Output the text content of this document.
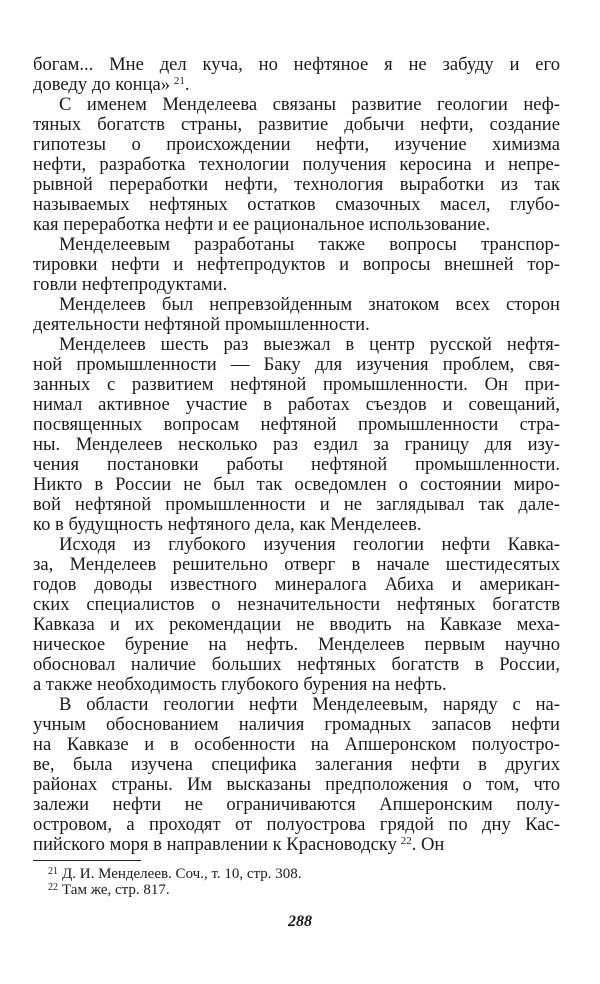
богам... Мне дел куча, но нефтяное я не забуду и его
доведу до конца»  $^{21}$.
С именем Менделеева связаны развитие геологии неф-
тяных богатств страны, развитие добычи нефти, создание
гипотезы о происхождении нефти, изучение химизма
нефти, разработка технологии получения керосина и непре-
рывной переработки нефти, технология выработки из так
называемых нефтяных остатков смазочных масел, глубо-
кая переработка нефти и ее рациональное использование.
Менделеевым разработаны также вопросы транспор-
тировки нефти и нефтепродуктов и вопросы внешней тор-
говли нефтепродуктами.
Менделеев был непревзойденным знатоком всех сторон
деятельности нефтяной промышленности.
Менделеев шесть раз выезжал в центр русской нефтя-
ной промышленности — Баку для изучения проблем, свя-
занных с развитием нефтяной промышленности. Он при-
нимал активное участие в работах съездов и совещаний,
посвященных вопросам нефтяной промышленности стра-
ны. Менделеев несколько раз ездил за границу для изу-
чения постановки работы нефтяной промышленности.
Никто в России не был так осведомлен о состоянии миро-
вой нефтяной промышленности и не заглядывал так дале-
ко в будущность нефтяного дела, как Менделеев.
Исходя из глубокого изучения геологии нефти Кавка-
за, Менделеев решительно отверг в начале шестидесятых
годов доводы известного минералога Абиха и американ-
ских специалистов о незначительности нефтяных богатств
Кавказа и их рекомендации не вводить на Кавказе меха-
ническое бурение на нефть. Менделеев первым научно
обосновал наличие больших нефтяных богатств в России,
а также необходимость глубокого бурения на нефть.
В области геологии нефти Менделеевым, наряду с на-
учным обоснованием наличия громадных запасов нефти
на Кавказе и в особенности на Апшеронском полуостро-
ве, была изучена специфика залегания нефти в других
районах страны. Им высказаны предположения о том, что
залежи нефти не ограничиваются Апшеронским полу-
островом, а проходят от полуострова грядой по дну Кас-
пийского моря в направлении к Красноводску  $^{22}$. Он
$^{21}$ Д. И. Менделеев. Соч., т. 10, стр. 308.
$^{22}$ Там же, стр. 817.
288
